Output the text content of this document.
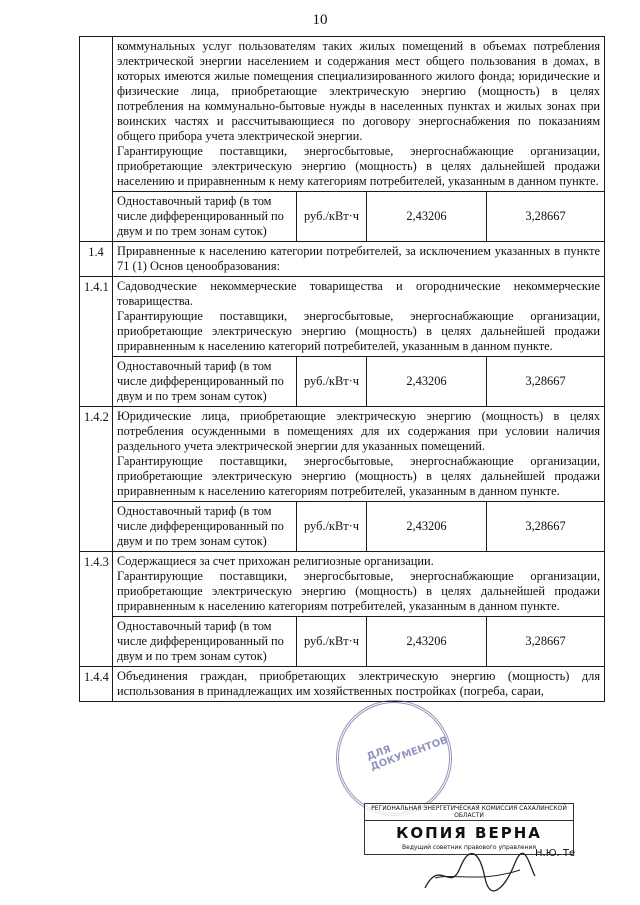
10

	коммунальных услуг пользователям таких жилых помещений в объемах потребления электрической энергии населением и содержания мест общего пользования в домах, в которых имеются жилые помещения специализированного жилого фонда; юридические и физические лица, приобретающие электрическую энергию (мощность) в целях потребления на коммунально-бытовые нужды в населенных пунктах и жилых зонах при воинских частях и рассчитывающиеся по договору энергоснабжения по показаниям общего прибора учета электрической энергии.

Гарантирующие поставщики, энергосбытовые, энергоснабжающие организации, приобретающие электрическую энергию (мощность) в целях дальнейшей продажи населению и приравненным к нему категориям потребителей, указанным в данном пункте.			

	Одноставочный тариф (в том числе дифференцированный по двум и по трем зонам суток)	руб./кВт·ч	2,43206	3,28667
1.4	Приравненные к населению категории потребителей, за исключением указанных в пункте 71 (1) Основ ценообразования:			

1.4.1	Садоводческие некоммерческие товарищества и огороднические некоммерческие товарищества.

Гарантирующие поставщики, энергосбытовые, энергоснабжающие организации, приобретающие электрическую энергию (мощность) в целях дальнейшей продажи приравненным к населению категорий потребителей, указанным в данном пункте.			

	Одноставочный тариф (в том числе дифференцированный по двум и по трем зонам суток)	руб./кВт·ч	2,43206	3,28667
1.4.2	Юридические лица, приобретающие электрическую энергию (мощность) в целях потребления осужденными в помещениях для их содержания при условии наличия раздельного учета электрической энергии для указанных помещений.

Гарантирующие поставщики, энергосбытовые, энергоснабжающие организации, приобретающие электрическую энергию (мощность) в целях дальнейшей продажи приравненным к населению категориям потребителей, указанным в данном пункте.			

	Одноставочный тариф (в том числе дифференцированный по двум и по трем зонам суток)	руб./кВт·ч	2,43206	3,28667
1.4.3	Содержащиеся за счет прихожан религиозные организации.

Гарантирующие поставщики, энергосбытовые, энергоснабжающие организации, приобретающие электрическую энергию (мощность) в целях дальнейшей продажи приравненным к населению категориям потребителей, указанным в данном пункте.			

	Одноставочный тариф (в том числе дифференцированный по двум и по трем зонам суток)	руб./кВт·ч	2,43206	3,28667
1.4.4	Объединения граждан, приобретающих электрическую энергию (мощность) для использования в принадлежащих им хозяйственных постройках (погреба, сараи,			

ДЛЯ ДОКУМЕНТОВ
РЕГИОНАЛЬНАЯ ЭНЕРГЕТИЧЕСКАЯ КОМИССИЯ САХАЛИНСКОЙ ОБЛАСТИ
КОПИЯ ВЕРНА
Ведущий советник правового управления
Н.Ю. Те
